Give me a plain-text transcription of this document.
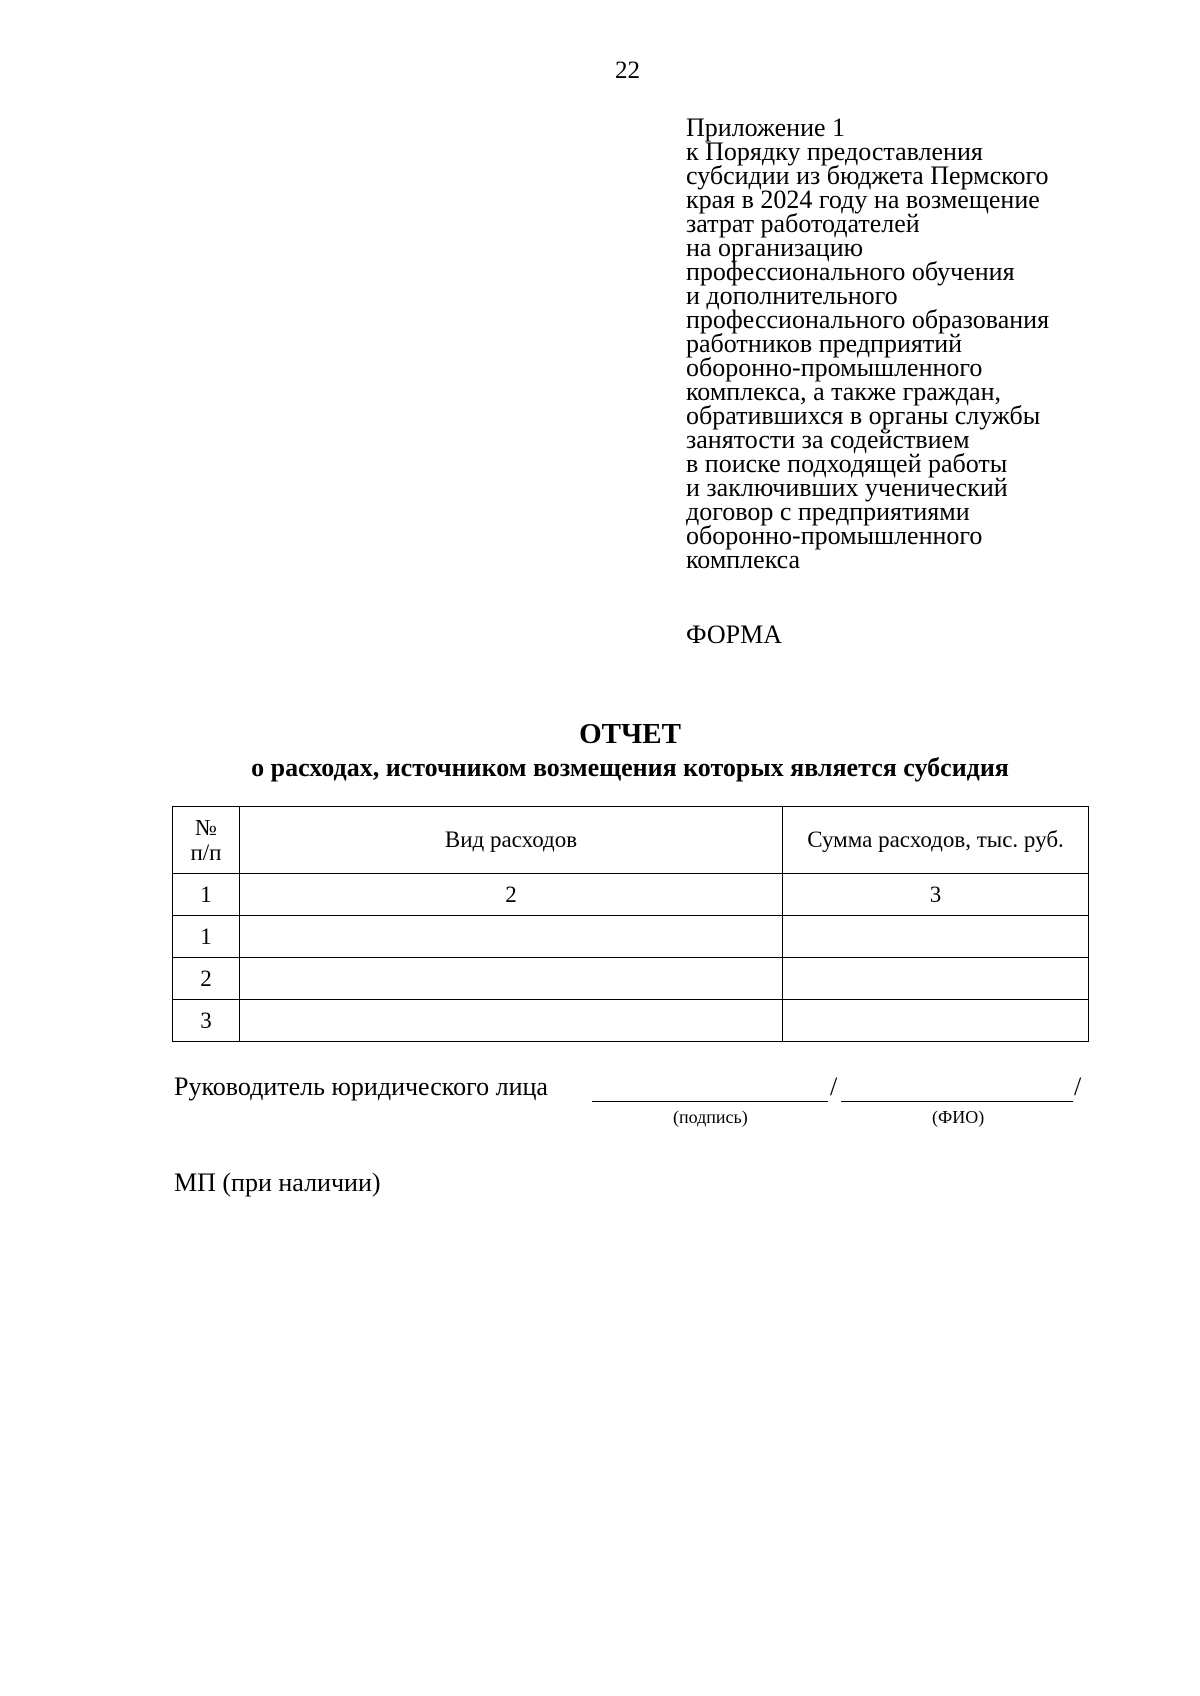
22
Приложение 1
к Порядку предоставления
субсидии из бюджета Пермского
края в 2024 году на возмещение
затрат работодателей
на организацию
профессионального обучения
и дополнительного
профессионального образования
работников предприятий
оборонно-промышленного
комплекса, а также граждан,
обратившихся в органы службы
занятости за содействием
в поиске подходящей работы
и заключивших ученический
договор с предприятиями
оборонно-промышленного
комплекса
ФОРМА
ОТЧЕТ
о расходах, источником возмещения которых является субсидия
№
п/п	Вид расходов	Сумма расходов, тыс. руб.
1	2	3
1		
2		
3		
Руководитель юридического лица	/	/
(подпись)	(ФИО)
МП (при наличии)
